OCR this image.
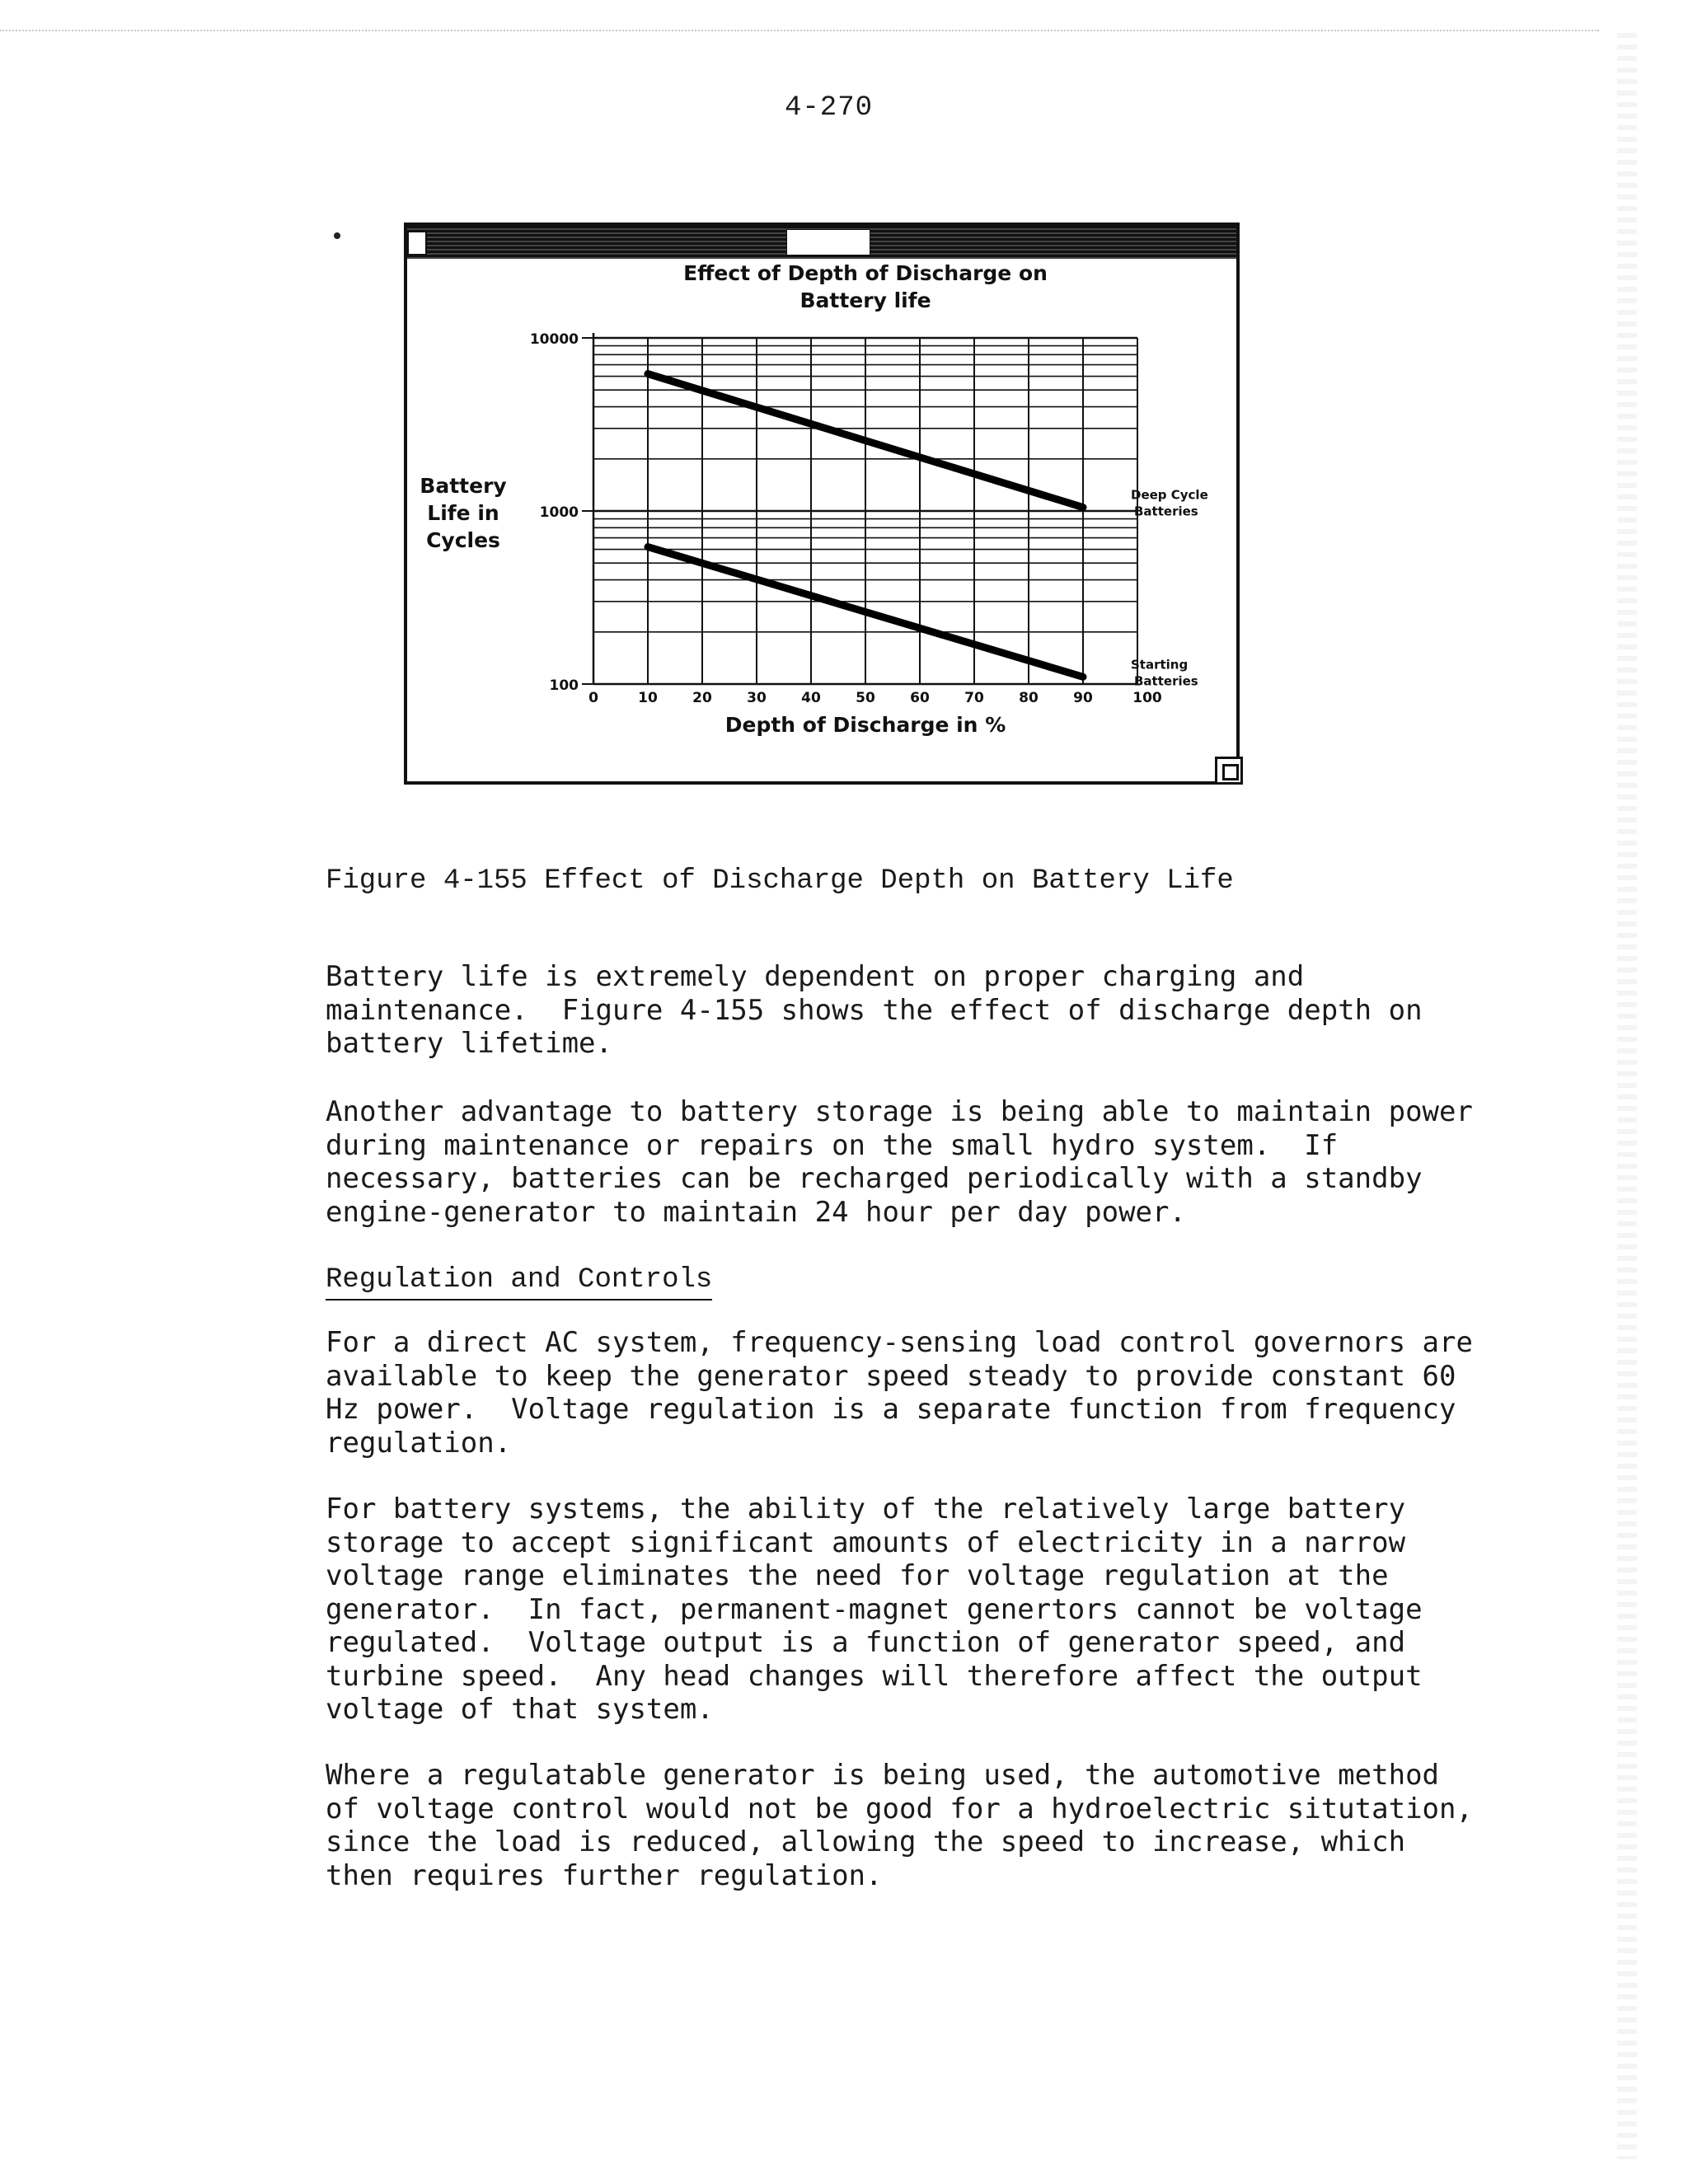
4-270
10000
1000
100
0	10 20 30 40 50 60 70 80 90	100
Effect of Depth of Discharge on
Battery life
Depth of Discharge in %
Battery
Life in
Cycles
Deep Cycle
Batteries
Starting
Batteries
Figure 4-155 Effect of Discharge Depth on Battery Life
Battery life is extremely dependent on proper charging and
maintenance.  Figure 4-155 shows the effect of discharge depth on
battery lifetime.
Another advantage to battery storage is being able to maintain power
during maintenance or repairs on the small hydro system.  If
necessary, batteries can be recharged periodically with a standby
engine-generator to maintain 24 hour per day power.
Regulation and Controls
For a direct AC system, frequency-sensing load control governors are
available to keep the generator speed steady to provide constant 60
Hz power.  Voltage regulation is a separate function from frequency
regulation.
For battery systems, the ability of the relatively large battery
storage to accept significant amounts of electricity in a narrow
voltage range eliminates the need for voltage regulation at the
generator.  In fact, permanent-magnet genertors cannot be voltage
regulated.  Voltage output is a function of generator speed, and
turbine speed.  Any head changes will therefore affect the output
voltage of that system.
Where a regulatable generator is being used, the automotive method
of voltage control would not be good for a hydroelectric situtation,
since the load is reduced, allowing the speed to increase, which
then requires further regulation.
